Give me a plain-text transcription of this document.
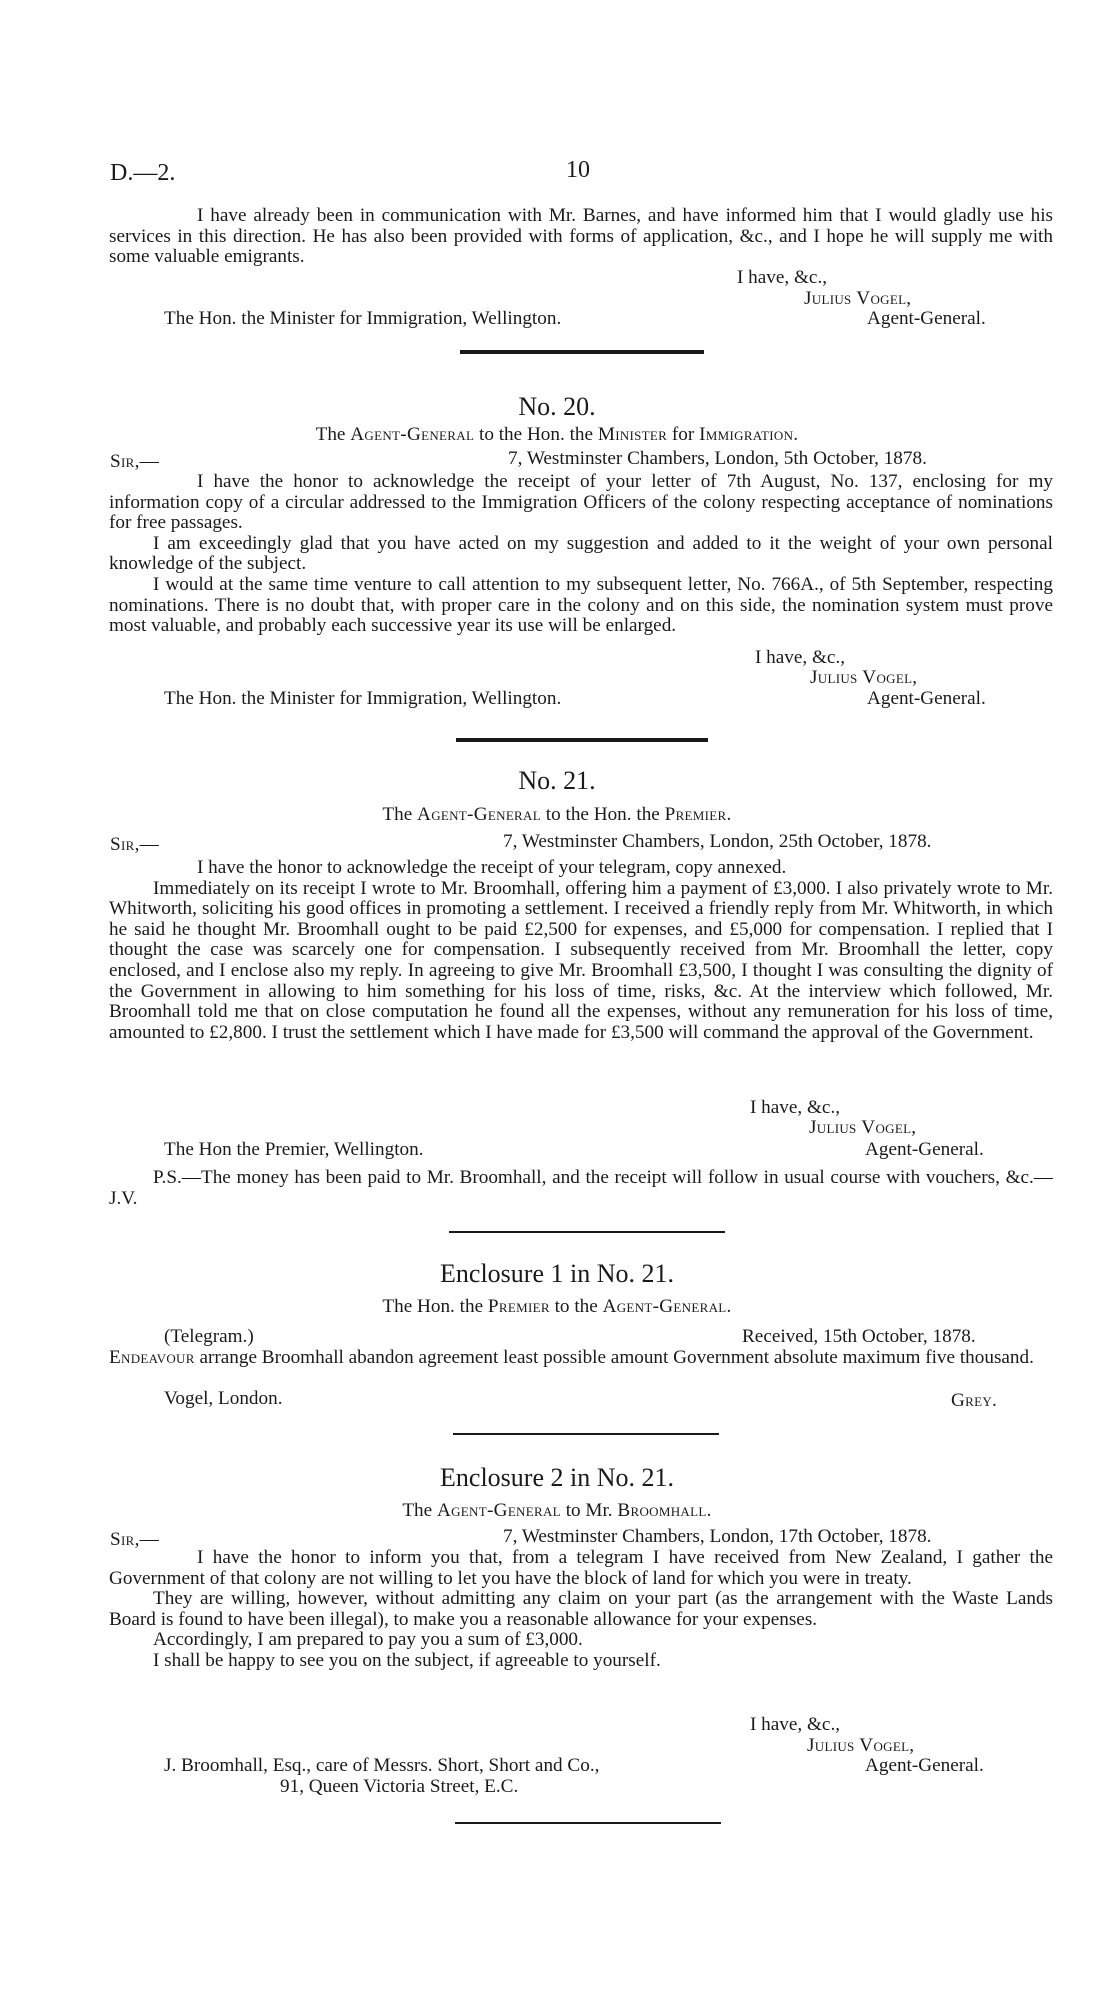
D.—2.	10

I have already been in communication with Mr. Barnes, and have informed him that I would gladly use his services in this direction. He has also been provided with forms of application, &c., and I hope he will supply me with some valuable emigrants.

I have, &c.,
Julius Vogel,
The Hon. the Minister for Immigration, Wellington.	Agent-General.
No. 20.
The Agent-General to the Hon. the Minister for Immigration.
Sir,—	7, Westminster Chambers, London, 5th October, 1878.

I have the honor to acknowledge the receipt of your letter of 7th August, No. 137, enclosing for my information copy of a circular addressed to the Immigration Officers of the colony respecting acceptance of nominations for free passages.

I am exceedingly glad that you have acted on my suggestion and added to it the weight of your own personal knowledge of the subject.

I would at the same time venture to call attention to my subsequent letter, No. 766A., of 5th September, respecting nominations. There is no doubt that, with proper care in the colony and on this side, the nomination system must prove most valuable, and probably each successive year its use will be enlarged.

I have, &c.,
Julius Vogel,
The Hon. the Minister for Immigration, Wellington.	Agent-General.
No. 21.
The Agent-General to the Hon. the Premier.
Sir,—	7, Westminster Chambers, London, 25th October, 1878.

I have the honor to acknowledge the receipt of your telegram, copy annexed.

Immediately on its receipt I wrote to Mr. Broomhall, offering him a payment of £3,000. I also privately wrote to Mr. Whitworth, soliciting his good offices in promoting a settlement. I received a friendly reply from Mr. Whitworth, in which he said he thought Mr. Broomhall ought to be paid £2,500 for expenses, and £5,000 for compensation. I replied that I thought the case was scarcely one for compensation. I subsequently received from Mr. Broomhall the letter, copy enclosed, and I enclose also my reply. In agreeing to give Mr. Broomhall £3,500, I thought I was consulting the dignity of the Government in allowing to him something for his loss of time, risks, &c. At the interview which followed, Mr. Broomhall told me that on close computation he found all the expenses, without any remuneration for his loss of time, amounted to £2,800. I trust the settlement which I have made for £3,500 will command the approval of the Government.

I have, &c.,
Julius Vogel,
The Hon the Premier, Wellington.	Agent-General.

P.S.—The money has been paid to Mr. Broomhall, and the receipt will follow in usual course with vouchers, &c.—J.V.

Enclosure 1 in No. 21.
The Hon. the Premier to the Agent-General.
(Telegram.)	Received, 15th October, 1878.

Endeavour arrange Broomhall abandon agreement least possible amount Government absolute maximum five thousand.

Vogel, London.	Grey.
Enclosure 2 in No. 21.
The Agent-General to Mr. Broomhall.
Sir,—	7, Westminster Chambers, London, 17th October, 1878.

I have the honor to inform you that, from a telegram I have received from New Zealand, I gather the Government of that colony are not willing to let you have the block of land for which you were in treaty.

They are willing, however, without admitting any claim on your part (as the arrangement with the Waste Lands Board is found to have been illegal), to make you a reasonable allowance for your expenses.

Accordingly, I am prepared to pay you a sum of £3,000.

I shall be happy to see you on the subject, if agreeable to yourself.

I have, &c.,
Julius Vogel,
J. Broomhall, Esq., care of Messrs. Short, Short and Co.,	Agent-General.
91, Queen Victoria Street, E.C.
